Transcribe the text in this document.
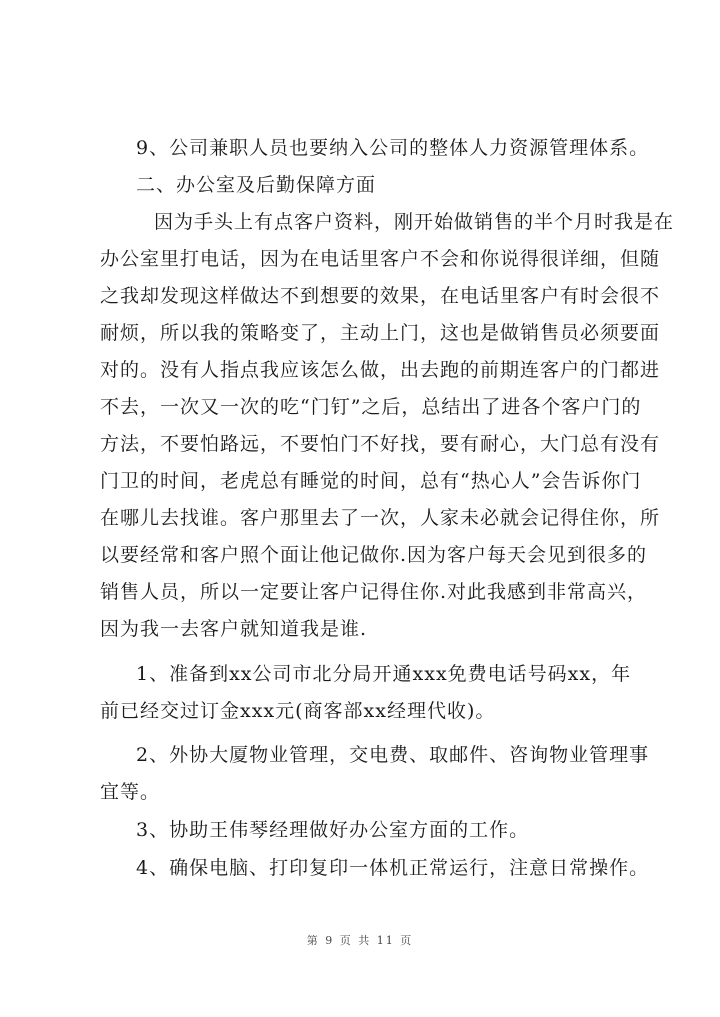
9、公司兼职人员也要纳入公司的整体人力资源管理体系。
二、办公室及后勤保障方面
因为手头上有点客户资料，刚开始做销售的半个月时我是在
办公室里打电话，因为在电话里客户不会和你说得很详细，但随
之我却发现这样做达不到想要的效果，在电话里客户有时会很不
耐烦，所以我的策略变了，主动上门，这也是做销售员必须要面
对的。没有人指点我应该怎么做，出去跑的前期连客户的门都进
不去，一次又一次的吃“门钉”之后，总结出了进各个客户门的
方法，不要怕路远，不要怕门不好找，要有耐心，大门总有没有
门卫的时间，老虎总有睡觉的时间，总有“热心人”会告诉你门
在哪儿去找谁。客户那里去了一次，人家未必就会记得住你，所
以要经常和客户照个面让他记做你.因为客户每天会见到很多的
销售人员，所以一定要让客户记得住你.对此我感到非常高兴，
因为我一去客户就知道我是谁.
1、准备到xx公司市北分局开通xxx免费电话号码xx，年
前已经交过订金xxx元(商客部xx经理代收)。
2、外协大厦物业管理，交电费、取邮件、咨询物业管理事
宜等。
3、协助王伟琴经理做好办公室方面的工作。
4、确保电脑、打印复印一体机正常运行，注意日常操作。
第 9 页 共 11 页
